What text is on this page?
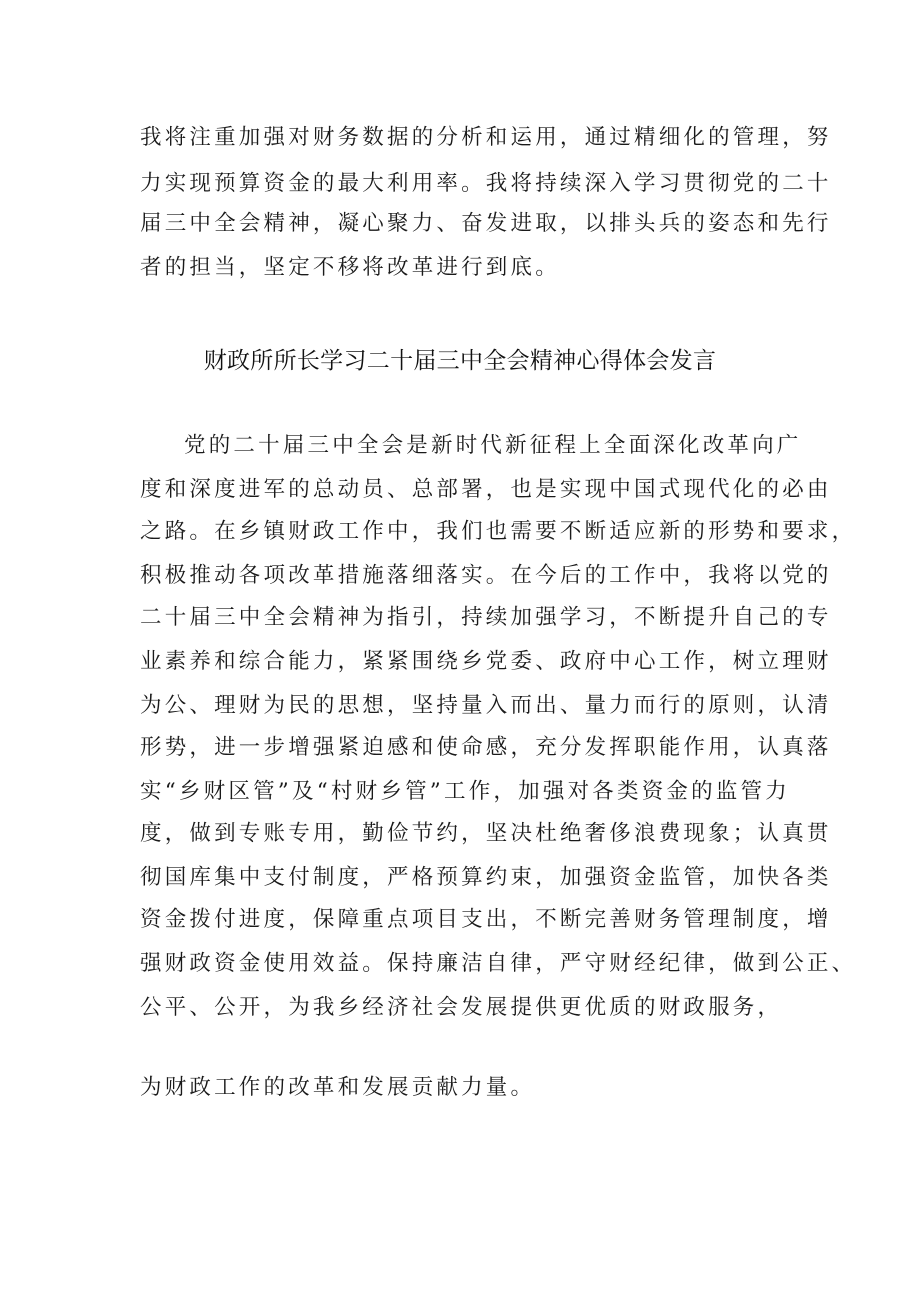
我将注重加强对财务数据的分析和运用，通过精细化的管理，努
力实现预算资金的最大利用率。我将持续深入学习贯彻党的二十
届三中全会精神，凝心聚力、奋发进取，以排头兵的姿态和先行
者的担当，坚定不移将改革进行到底。
财政所所长学习二十届三中全会精神心得体会发言
党的二十届三中全会是新时代新征程上全面深化改革向广
度和深度进军的总动员、总部署，也是实现中国式现代化的必由
之路。在乡镇财政工作中，我们也需要不断适应新的形势和要求，
积极推动各项改革措施落细落实。在今后的工作中，我将以党的
二十届三中全会精神为指引，持续加强学习，不断提升自己的专
业素养和综合能力，紧紧围绕乡党委、政府中心工作，树立理财
为公、理财为民的思想，坚持量入而出、量力而行的原则，认清
形势，进一步增强紧迫感和使命感，充分发挥职能作用，认真落
实“乡财区管”及“村财乡管”工作，加强对各类资金的监管力
度，做到专账专用，勤俭节约，坚决杜绝奢侈浪费现象；认真贯
彻国库集中支付制度，严格预算约束，加强资金监管，加快各类
资金拨付进度，保障重点项目支出，不断完善财务管理制度，增
强财政资金使用效益。保持廉洁自律，严守财经纪律，做到公正、
公平、公开，为我乡经济社会发展提供更优质的财政服务，
为财政工作的改革和发展贡献力量。
